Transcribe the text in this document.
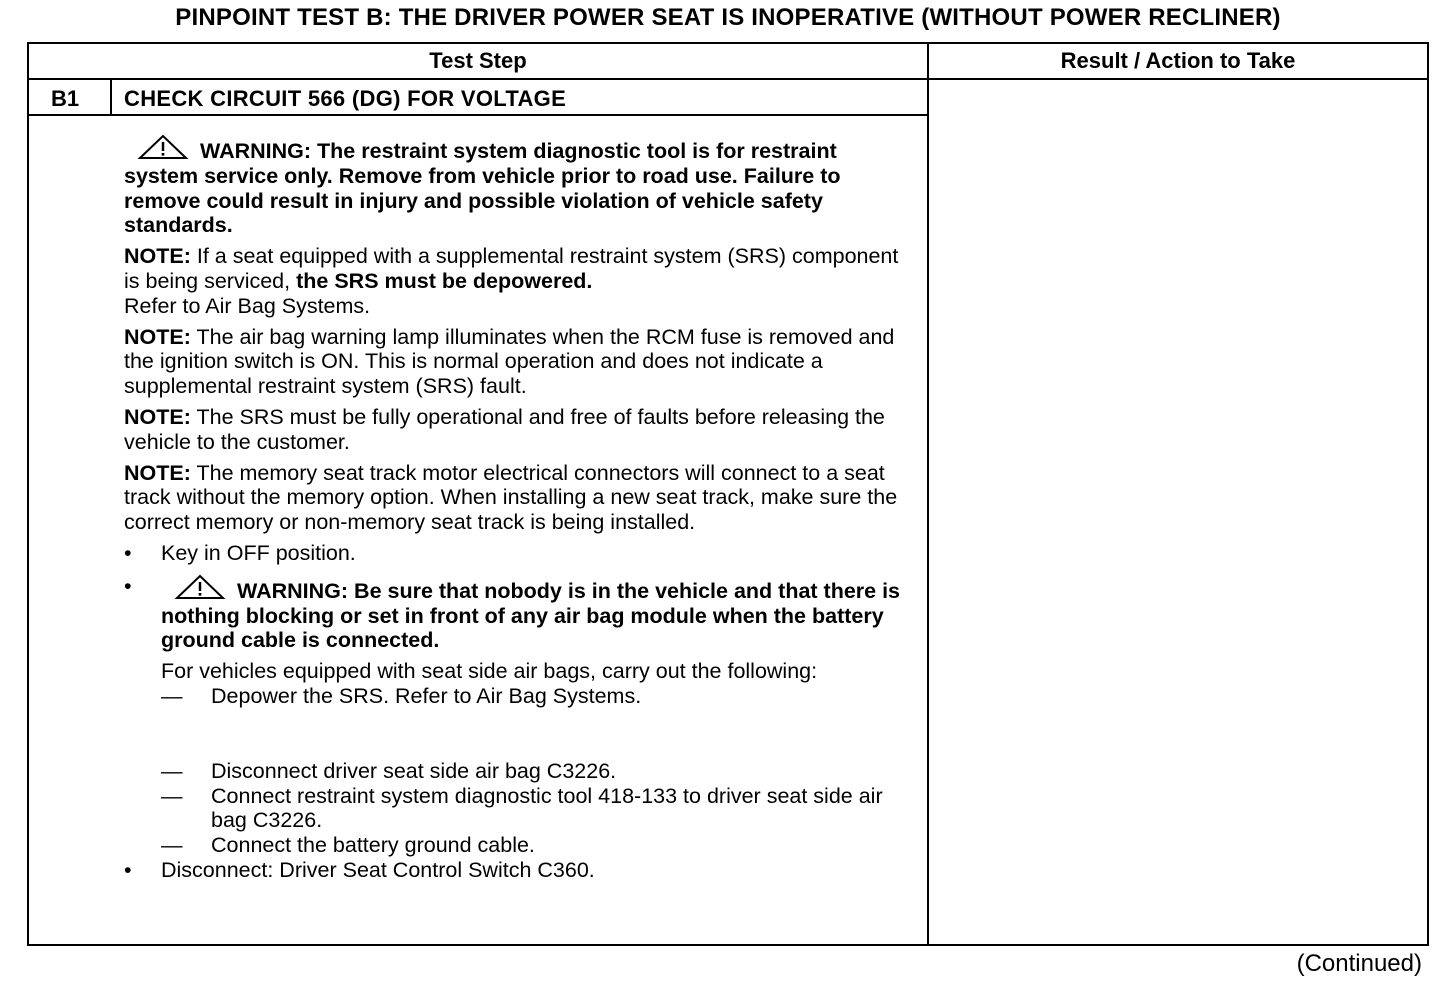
PINPOINT TEST B: THE DRIVER POWER SEAT IS INOPERATIVE (WITHOUT POWER RECLINER)
Test Step	Result / Action to Take
B1 CHECK CIRCUIT 566 (DG) FOR VOLTAGE
WARNING: The restraint system diagnostic tool is for restraint system service only. Remove from vehicle prior to road use. Failure to remove could result in injury and possible violation of vehicle safety standards.
NOTE: If a seat equipped with a supplemental restraint system (SRS) component is being serviced, the SRS must be depowered.
Refer to Air Bag Systems.
NOTE: The air bag warning lamp illuminates when the RCM fuse is removed and the ignition switch is ON. This is normal operation and does not indicate a supplemental restraint system (SRS) fault.
NOTE: The SRS must be fully operational and free of faults before releasing the vehicle to the customer.
NOTE: The memory seat track motor electrical connectors will connect to a seat track without the memory option. When installing a new seat track, make sure the correct memory or non-memory seat track is being installed.
• Key in OFF position.
•	WARNING: Be sure that nobody is in the vehicle and that there is nothing blocking or set in front of any air bag module when the battery ground cable is connected.
For vehicles equipped with seat side air bags, carry out the following:
— Depower the SRS. Refer to Air Bag Systems.
— Disconnect driver seat side air bag C3226.
— Connect restraint system diagnostic tool 418-133 to driver seat side air bag C3226.
— Connect the battery ground cable.
• Disconnect: Driver Seat Control Switch C360.
(Continued)
